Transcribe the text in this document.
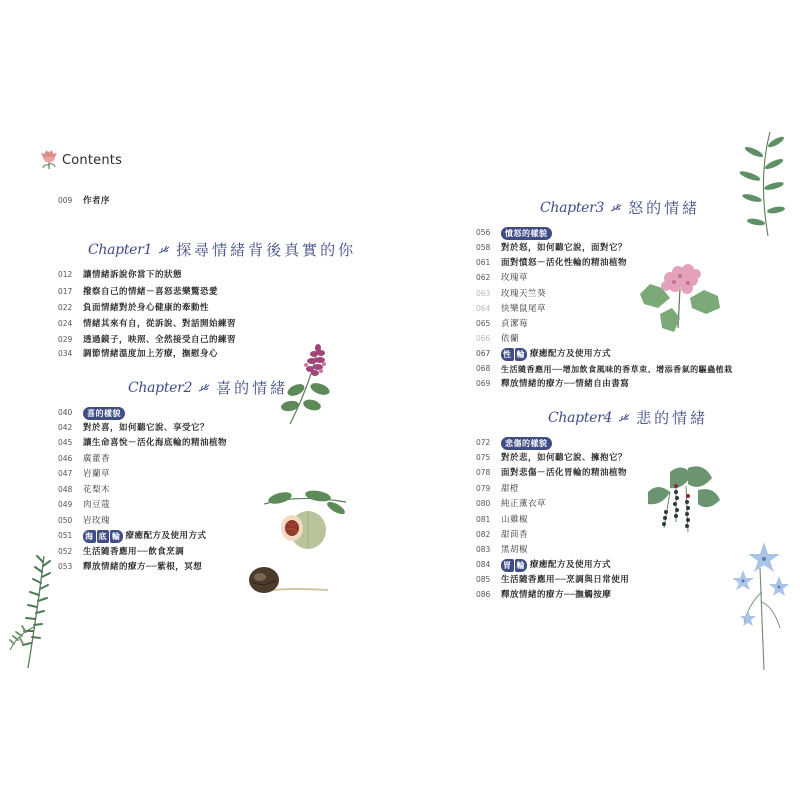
Contents
009	作者序
Chapter1 探尋情緒背後真實的你
012	讓情緒訴說你當下的狀態
017	撥察自己的情緒－喜怒悲樂驚恐愛
022	負面情緒對於身心健康的牽動性
024	情緒其來有自，從訴說、對話開始練習
029	透過鏡子，映照、全然接受自己的練習
034	調節情緒溫度加上芳療，撫慰身心
Chapter2 喜的情緒
040	喜的樣貌
042	對於喜，如何聽它說、享受它？
045	讓生命喜悅－活化海底輪的精油植物
046	廣藿香
047	岩蘭草
048	花梨木
049	肉豆蔻
050	岩玫瑰
051	海 底 輪 療癒配方及使用方式
052	生活隨香應用──飲食烹調
053	釋放情緒的療方──紫根，冥想
Chapter3 怒的情緒
056	憤怒的樣貌
058	對於怒，如何聽它說，面對它？
061	面對憤怒－活化性輪的精油植物
062	玫瑰草
063	玫瑰天竺葵
064	快樂鼠尾草
065	貞潔莓
066	依蘭
067	性 輪 療癒配方及使用方式
068	生活隨香應用──增加飲食風味的香草束、增添香氣的驅蟲植栽
069	釋放情緒的療方──情緒自由書寫
Chapter4 悲的情緒
072	悲傷的樣貌
075	對於悲，如何聽它說、擁抱它？
078	面對悲傷－活化胃輪的精油植物
079	甜橙
080	純正薰衣草
081	山雞椒
082	甜茴香
083	黑胡椒
084	胃 輪 療癒配方及使用方式
085	生活隨香應用──烹調與日常使用
086	釋放情緒的療方──撫觸按摩
